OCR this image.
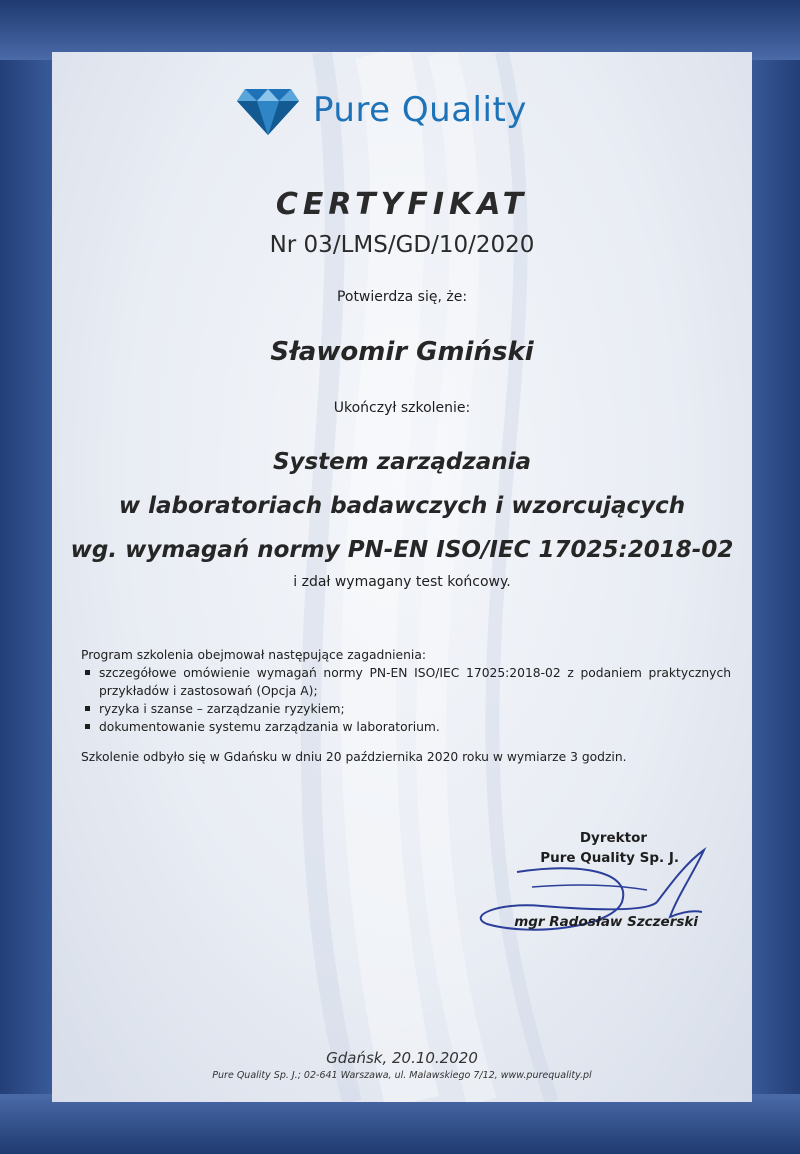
Pure Quality
CERTYFIKAT
Nr 03/LMS/GD/10/2020
Potwierdza się, że:
Sławomir Gmiński
Ukończył szkolenie:
System zarządzania
w laboratoriach badawczych i wzorcujących
wg. wymagań normy PN-EN ISO/IEC 17025:2018-02
i zdał wymagany test końcowy.
Program szkolenia obejmował następujące zagadnienia:
szczegółowe omówienie wymagań normy PN-EN ISO/IEC 17025:2018-02 z podaniem praktycznych przykładów i zastosowań (Opcja A);
ryzyka i szanse – zarządzanie ryzykiem;
dokumentowanie systemu zarządzania w laboratorium.
Szkolenie odbyło się w Gdańsku w dniu 20 października 2020 roku w wymiarze 3 godzin.
Dyrektor
Pure Quality Sp. J.
mgr Radosław Szczerski
Gdańsk, 20.10.2020
Pure Quality Sp. J.; 02-641 Warszawa, ul. Malawskiego 7/12, www.purequality.pl
